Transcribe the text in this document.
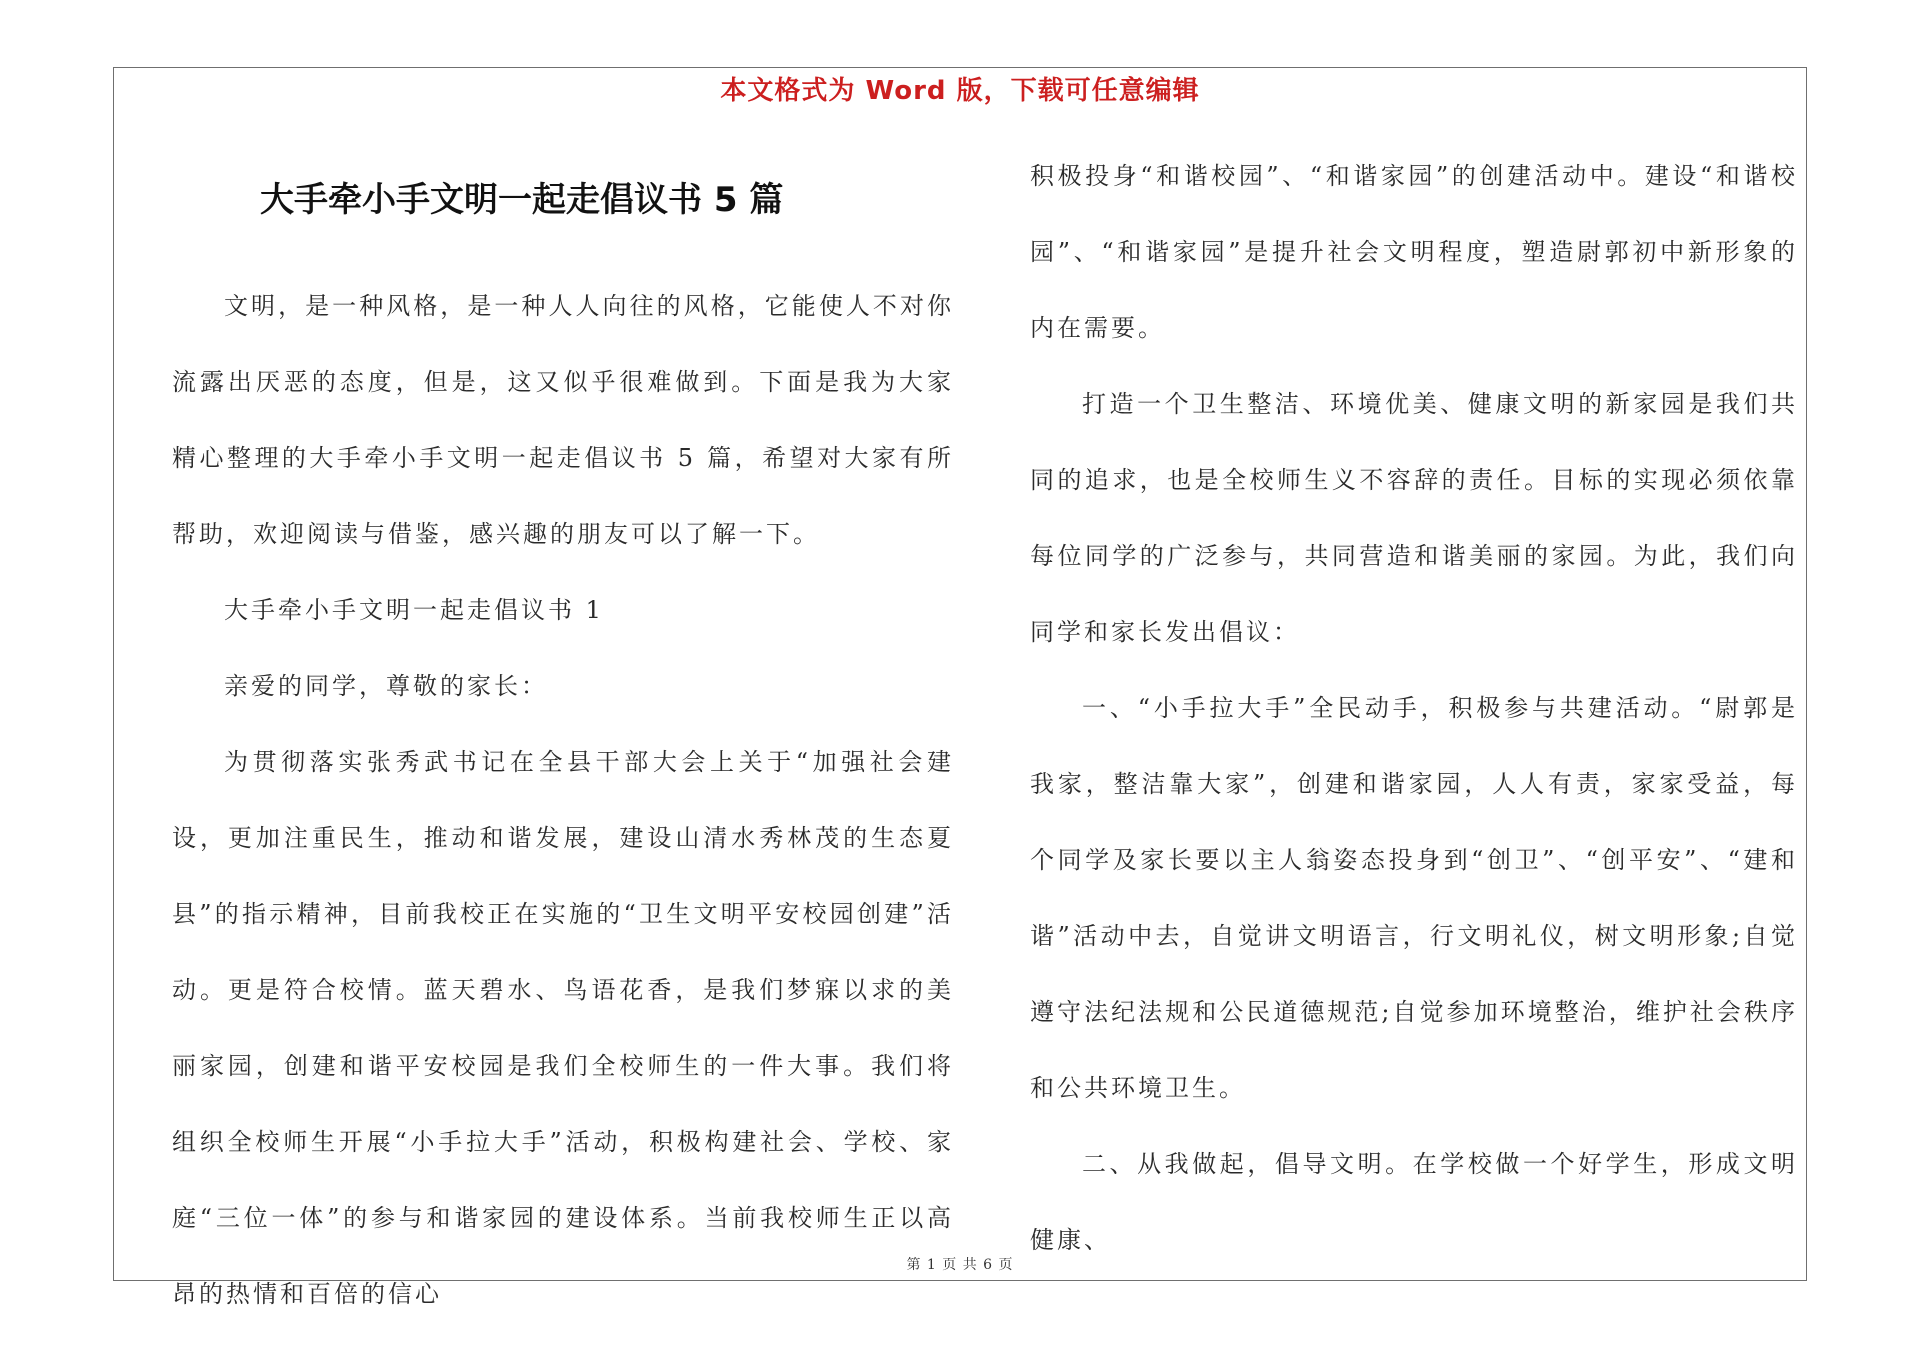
本文格式为 Word 版，下载可任意编辑
大手牵小手文明一起走倡议书 5 篇

文明，是一种风格，是一种人人向往的风格，它能使人不对你流露出厌恶的态度，但是，这又似乎很难做到。下面是我为大家精心整理的大手牵小手文明一起走倡议书 5 篇，希望对大家有所帮助，欢迎阅读与借鉴，感兴趣的朋友可以了解一下。

大手牵小手文明一起走倡议书 1

亲爱的同学，尊敬的家长：

为贯彻落实张秀武书记在全县干部大会上关于“加强社会建设，更加注重民生，推动和谐发展，建设山清水秀林茂的生态夏县”的指示精神，目前我校正在实施的“卫生文明平安校园创建”活动。更是符合校情。蓝天碧水、鸟语花香，是我们梦寐以求的美丽家园，创建和谐平安校园是我们全校师生的一件大事。我们将组织全校师生开展“小手拉大手”活动，积极构建社会、学校、家庭“三位一体”的参与和谐家园的建设体系。当前我校师生正以高昂的热情和百倍的信心

积极投身“和谐校园”、“和谐家园”的创建活动中。建设“和谐校园”、“和谐家园”是提升社会文明程度，塑造尉郭初中新形象的内在需要。

打造一个卫生整洁、环境优美、健康文明的新家园是我们共同的追求，也是全校师生义不容辞的责任。目标的实现必须依靠每位同学的广泛参与，共同营造和谐美丽的家园。为此，我们向同学和家长发出倡议：

一、“小手拉大手”全民动手，积极参与共建活动。“尉郭是我家，整洁靠大家”，创建和谐家园，人人有责，家家受益，每个同学及家长要以主人翁姿态投身到“创卫”、“创平安”、“建和谐”活动中去，自觉讲文明语言，行文明礼仪，树文明形象;自觉遵守法纪法规和公民道德规范;自觉参加环境整治，维护社会秩序和公共环境卫生。

二、从我做起，倡导文明。在学校做一个好学生，形成文明健康、

第 1 页 共 6 页
